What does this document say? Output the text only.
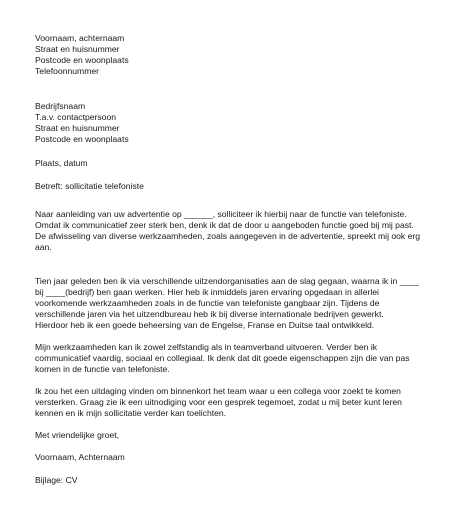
Voornaam, achternaam
Straat en huisnummer
Postcode en woonplaats
Telefoonnummer
Bedrijfsnaam
T.a.v. contactpersoon
Straat en huisnummer
Postcode en woonplaats
Plaats, datum
Betreft: sollicitatie telefoniste
Naar aanleiding van uw advertentie op ______, solliciteer ik hierbij naar de functie van telefoniste.
Omdat ik communicatief zeer sterk ben, denk ik dat de door u aangeboden functie goed bij mij past.
De afwisseling van diverse werkzaamheden, zoals aangegeven in de advertentie, spreekt mij ook erg
aan.
Tien jaar geleden ben ik via verschillende uitzendorganisaties aan de slag gegaan, waarna ik in ____
bij ____(bedrijf) ben gaan werken. Hier heb ik inmiddels jaren ervaring opgedaan in allerlei
voorkomende werkzaamheden zoals in de functie van telefoniste gangbaar zijn. Tijdens de
verschillende jaren via het uitzendbureau heb ik bij diverse internationale bedrijven gewerkt.
Hierdoor heb ik een goede beheersing van de Engelse, Franse en Duitse taal ontwikkeld.
Mijn werkzaamheden kan ik zowel zelfstandig als in teamverband uitvoeren. Verder ben ik
communicatief vaardig, sociaal en collegiaal. Ik denk dat dit goede eigenschappen zijn die van pas
komen in de functie van telefoniste.
Ik zou het een uitdaging vinden om binnenkort het team waar u een collega voor zoekt te komen
versterken. Graag zie ik een uitnodiging voor een gesprek tegemoet, zodat u mij beter kunt leren
kennen en ik mijn sollicitatie verder kan toelichten.
Met vriendelijke groet,
Voornaam, Achternaam
Bijlage: CV
